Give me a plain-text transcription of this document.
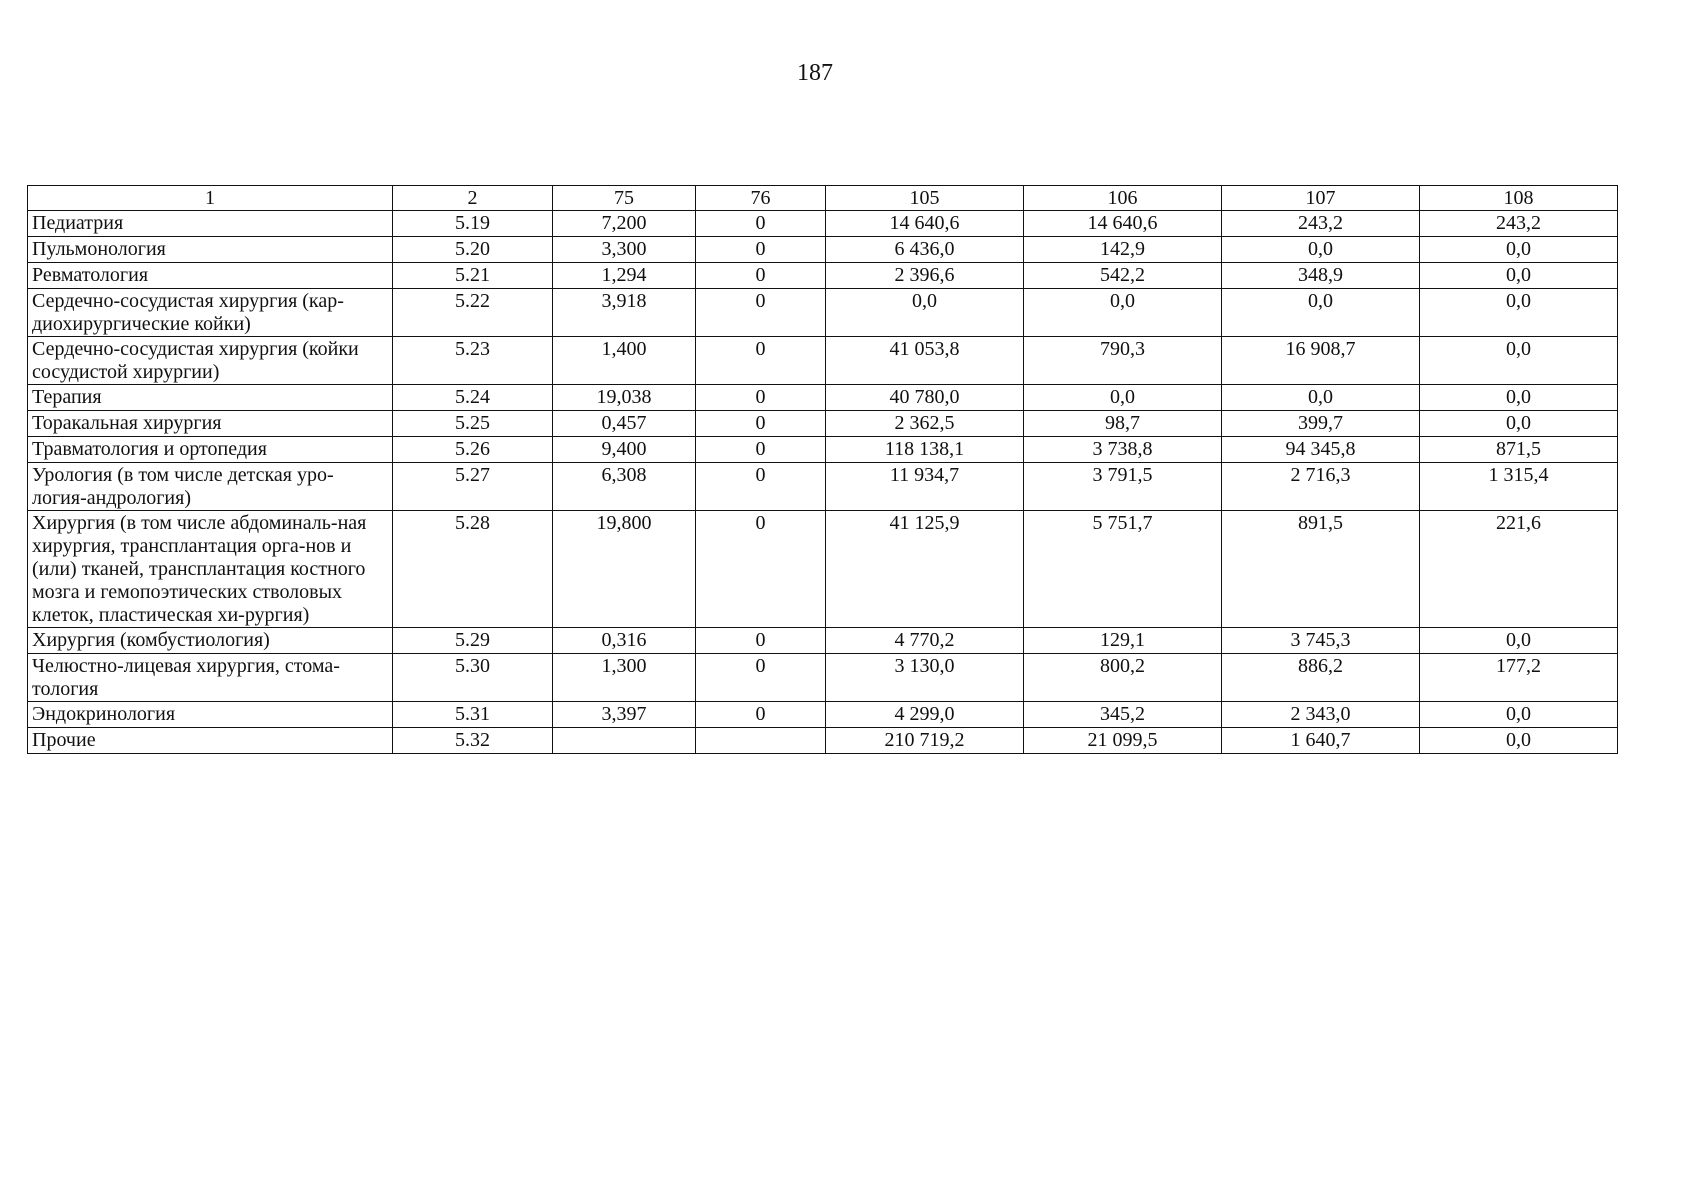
187
1	2	75	76	105	106	107	108
Педиатрия	5.19	7,200	0	14 640,6	14 640,6	243,2	243,2
Пульмонология	5.20	3,300	0	6 436,0	142,9	0,0	0,0
Ревматология	5.21	1,294	0	2 396,6	542,2	348,9	0,0
Сердечно-сосудистая хирургия (кар-диохирургические койки)	5.22	3,918	0	0,0	0,0	0,0	0,0
Сердечно-сосудистая хирургия (койки сосудистой хирургии)	5.23	1,400	0	41 053,8	790,3	16 908,7	0,0
Терапия	5.24	19,038	0	40 780,0	0,0	0,0	0,0
Торакальная хирургия	5.25	0,457	0	2 362,5	98,7	399,7	0,0
Травматология и ортопедия	5.26	9,400	0	118 138,1	3 738,8	94 345,8	871,5
Урология (в том числе детская уро-логия-андрология)	5.27	6,308	0	11 934,7	3 791,5	2 716,3	1 315,4
Хирургия (в том числе абдоминаль-ная хирургия, трансплантация орга-нов и (или) тканей, трансплантация костного мозга и гемопоэтических стволовых клеток, пластическая хи-рургия)	5.28	19,800	0	41 125,9	5 751,7	891,5	221,6
Хирургия (комбустиология)	5.29	0,316	0	4 770,2	129,1	3 745,3	0,0
Челюстно-лицевая хирургия, стома-тология	5.30	1,300	0	3 130,0	800,2	886,2	177,2
Эндокринология	5.31	3,397	0	4 299,0	345,2	2 343,0	0,0
Прочие	5.32			210 719,2	21 099,5	1 640,7	0,0
